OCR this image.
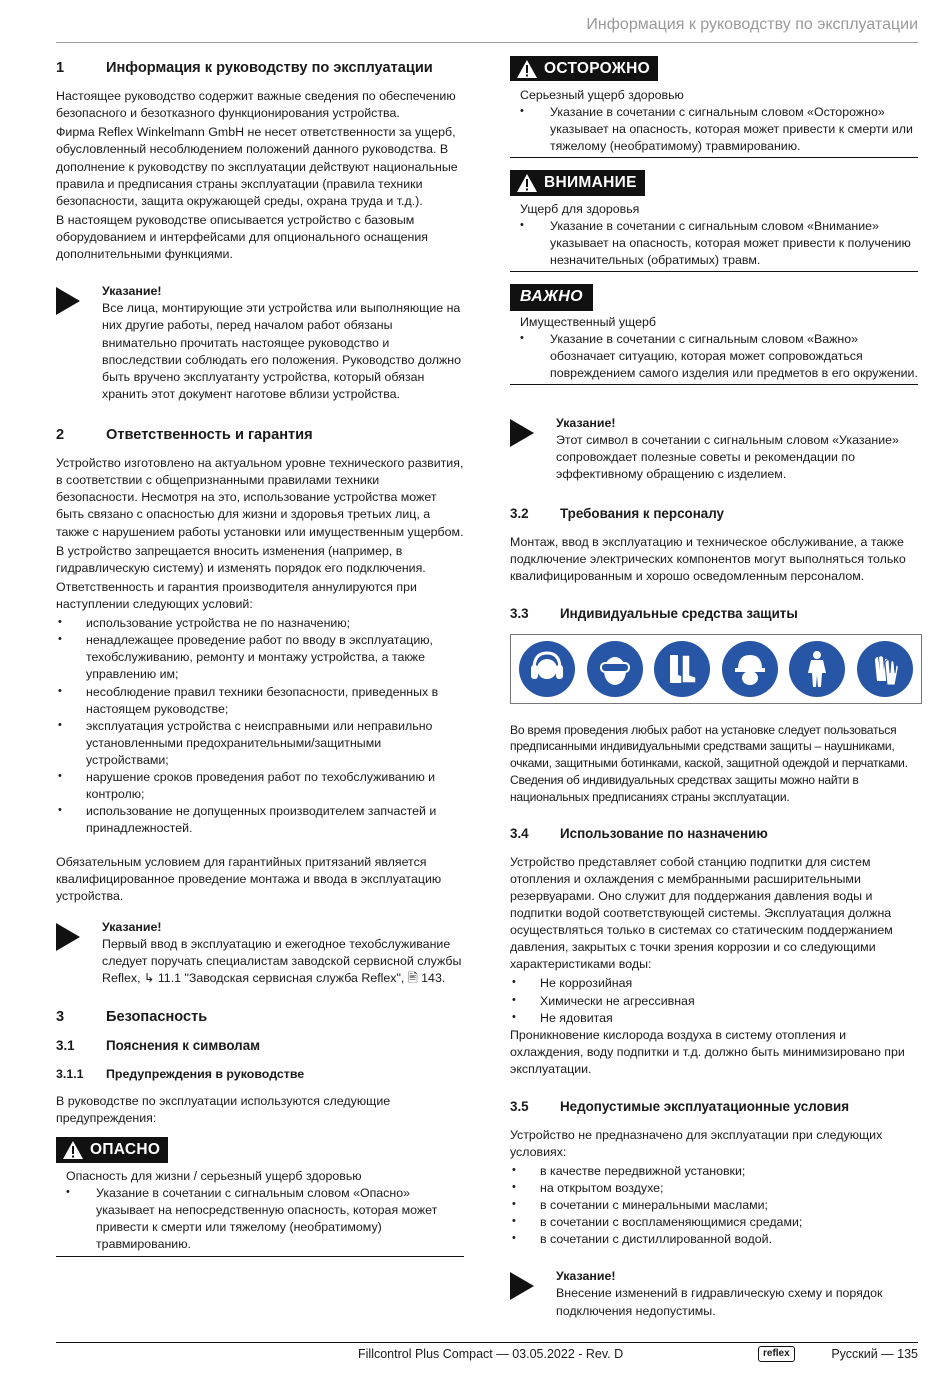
Информация к руководству по эксплуатации
1	Информация к руководству по эксплуатации

Настоящее руководство содержит важные сведения по обеспечению безопасного и безотказного функционирования устройства.

Фирма Reflex Winkelmann GmbH не несет ответственности за ущерб, обусловленный несоблюдением положений данного руководства. В дополнение к руководству по эксплуатации действуют национальные правила и предписания страны эксплуатации (правила техники безопасности, защита окружающей среды, охрана труда и т.д.).

В настоящем руководстве описывается устройство с базовым оборудованием и интерфейсами для опционального оснащения дополнительными функциями.

Указание!

Все лица, монтирующие эти устройства или выполняющие на них другие работы, перед началом работ обязаны внимательно прочитать настоящее руководство и впоследствии соблюдать его положения. Руководство должно быть вручено эксплуатанту устройства, который обязан хранить этот документ наготове вблизи устройства.

2	Ответственность и гарантия

Устройство изготовлено на актуальном уровне технического развития, в соответствии с общепризнанными правилами техники безопасности. Несмотря на это, использование устройства может быть связано с опасностью для жизни и здоровья третьих лиц, а также с нарушением работы установки или имущественным ущербом.

В устройство запрещается вносить изменения (например, в гидравлическую систему) и изменять порядок его подключения.

Ответственность и гарантия производителя аннулируются при наступлении следующих условий:

• использование устройства не по назначению;
• ненадлежащее проведение работ по вводу в эксплуатацию, техобслуживанию, ремонту и монтажу устройства, а также управлению им;
• несоблюдение правил техники безопасности, приведенных в настоящем руководстве;
• эксплуатация устройства с неисправными или неправильно установленными предохранительными/защитными устройствами;
• нарушение сроков проведения работ по техобслуживанию и контролю;
• использование не допущенных производителем запчастей и принадлежностей.

Обязательным условием для гарантийных притязаний является квалифицированное проведение монтажа и ввода в эксплуатацию устройства.

Указание!

Первый ввод в эксплуатацию и ежегодное техобслуживание следует поручать специалистам заводской сервисной службы Reflex, ↳ 11.1 "Заводская сервисная служба Reflex", 🖹 143.

3	Безопасность
3.1	Пояснения к символам
3.1.1	Предупреждения в руководстве

В руководстве по эксплуатации используются следующие предупреждения:

ОПАСНО
Опасность для жизни / серьезный ущерб здоровью
• Указание в сочетании с сигнальным словом «Опасно» указывает на непосредственную опасность, которая может привести к смерти или тяжелому (необратимому) травмированию.
ОСТОРОЖНО
Серьезный ущерб здоровью
• Указание в сочетании с сигнальным словом «Осторожно» указывает на опасность, которая может привести к смерти или тяжелому (необратимому) травмированию.
ВНИМАНИЕ
Ущерб для здоровья
• Указание в сочетании с сигнальным словом «Внимание» указывает на опасность, которая может привести к получению незначительных (обратимых) травм.
ВАЖНО
Имущественный ущерб
• Указание в сочетании с сигнальным словом «Важно» обозначает ситуацию, которая может сопровождаться повреждением самого изделия или предметов в его окружении.
Указание!

Этот символ в сочетании с сигнальным словом «Указание» сопровождает полезные советы и рекомендации по эффективному обращению с изделием.

3.2	Требования к персоналу

Монтаж, ввод в эксплуатацию и техническое обслуживание, а также подключение электрических компонентов могут выполняться только квалифицированным и хорошо осведомленным персоналом.

3.3	Индивидуальные средства защиты

Во время проведения любых работ на установке следует пользоваться предписанными индивидуальными средствами защиты – наушниками, очками, защитными ботинками, каской, защитной одеждой и перчатками. Сведения об индивидуальных средствах защиты можно найти в национальных предписаниях страны эксплуатации.

3.4	Использование по назначению

Устройство представляет собой станцию подпитки для систем отопления и охлаждения с мембранными расширительными резервуарами. Оно служит для поддержания давления воды и подпитки водой соответствующей системы. Эксплуатация должна осуществляться только в системах со статическим поддержанием давления, закрытых с точки зрения коррозии и со следующими характеристиками воды:

• Не коррозийная
• Химически не агрессивная
• Не ядовитая

Проникновение кислорода воздуха в систему отопления и охлаждения, воду подпитки и т.д. должно быть минимизировано при эксплуатации.

3.5	Недопустимые эксплуатационные условия

Устройство не предназначено для эксплуатации при следующих условиях:

• в качестве передвижной установки;
• на открытом воздухе;
• в сочетании с минеральными маслами;
• в сочетании с воспламеняющимися средами;
• в сочетании с дистиллированной водой.
Указание!

Внесение изменений в гидравлическую схему и порядок подключения недопустимы.

Fillcontrol Plus Compact — 03.05.2022 - Rev. D	reflex	Русский — 135
